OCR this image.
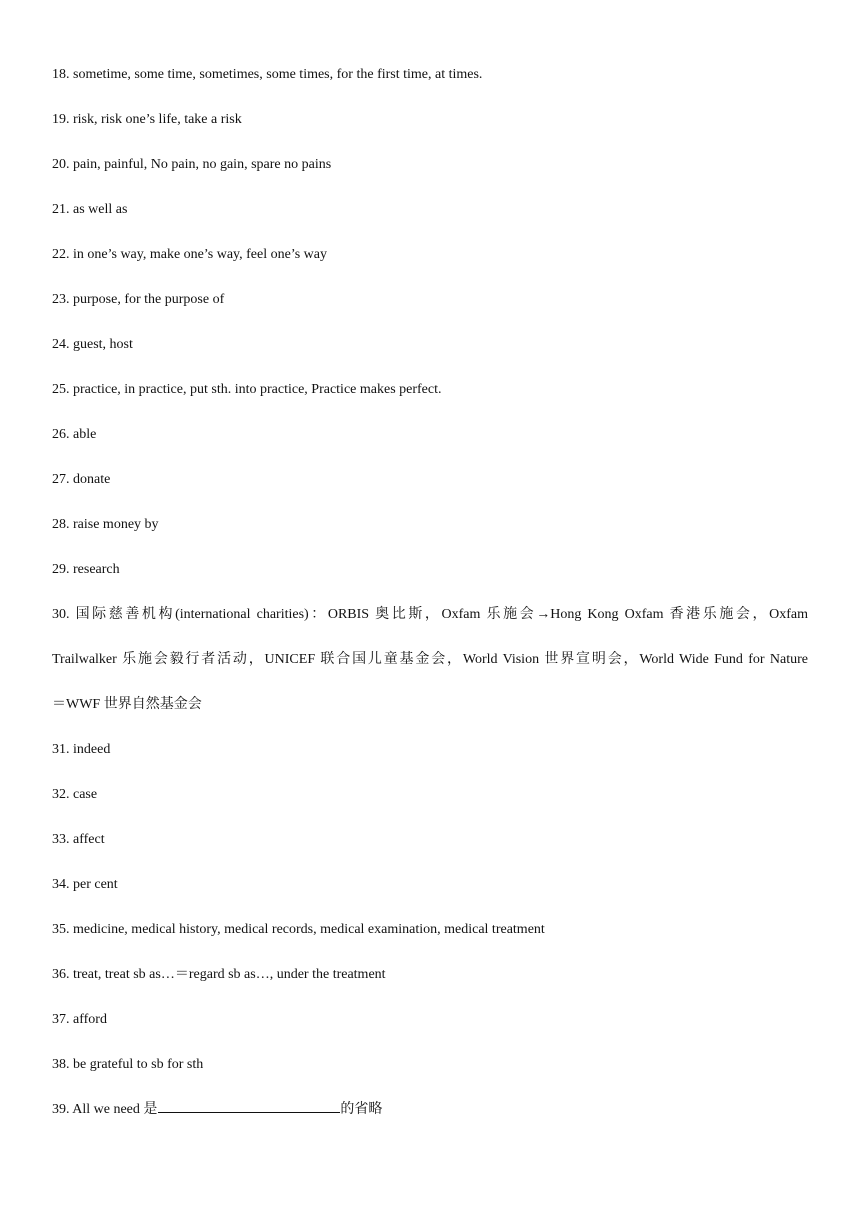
18. sometime, some time, sometimes, some times, for the first time, at times.
19. risk, risk one’s life, take a risk
20. pain, painful, No pain, no gain, spare no pains
21. as well as
22. in one’s way, make one’s way, feel one’s way
23. purpose, for the purpose of
24. guest, host
25. practice, in practice, put sth. into practice, Practice makes perfect.
26. able
27. donate
28. raise money by
29. research
30. 国际慈善机构(international charities)：ORBIS 奥比斯，Oxfam 乐施会→Hong Kong Oxfam 香港乐施会，Oxfam
Trailwalker 乐施会毅行者活动，UNICEF 联合国儿童基金会，World Vision 世界宣明会，World Wide Fund for Nature
＝WWF 世界自然基金会
31. indeed
32. case
33. affect
34. per cent
35. medicine, medical history, medical records, medical examination, medical treatment
36. treat, treat sb as…＝regard sb as…, under the treatment
37. afford
38. be grateful to sb for sth
39. All we need 是	的省略
